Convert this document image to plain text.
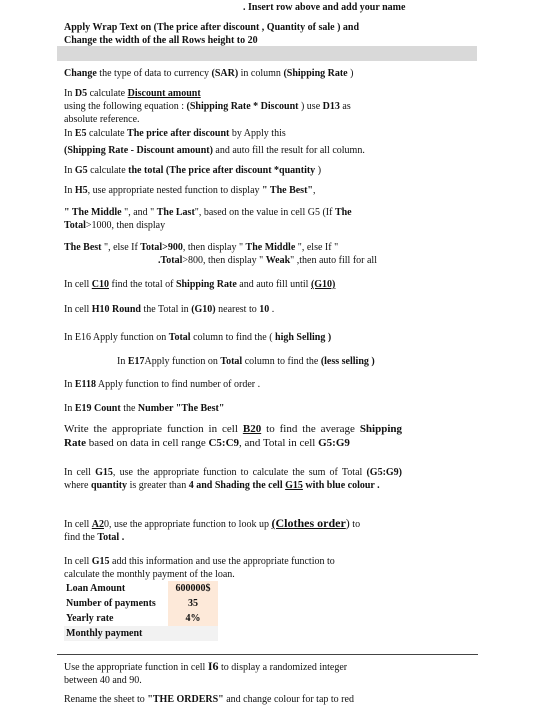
. Insert row above and add your name

Apply Wrap Text on (The price after discount , Quantity of sale ) and
Change the width of the all Rows height to 20

Change the type of data to currency (SAR) in column (Shipping Rate )

In D5 calculate Discount amount
using the following equation : (Shipping Rate * Discount ) use D13 as
absolute reference.

In E5 calculate The price after discount by Apply this

(Shipping Rate - Discount amount) and auto fill the result for all column.

In G5 calculate the total (The price after discount *quantity )

In H5, use appropriate nested function to display " The Best",

" The Middle ", and " The Last", based on the value in cell G5 (If The
Total>1000, then display

The Best ", else If Total>900, then display " The Middle ", else If "

.Total>800, then display " Weak" ,then auto fill for all

In cell C10 find the total of Shipping Rate and auto fill until (G10)

In cell H10 Round the Total in (G10) nearest to 10 .

In E16 Apply function on Total column to find the ( high Selling )

In E17Apply function on Total column to find the (less selling )

In E118 Apply function to find number of order .

In E19 Count the Number "The Best"

Write the appropriate function in cell B20 to find the average Shipping Rate based on data in cell range C5:C9, and Total in cell G5:G9

In cell G15, use the appropriate function to calculate the sum of Total (G5:G9) where quantity is greater than 4 and Shading the cell G15 with blue colour .

In cell A20, use the appropriate function to look up (Clothes order) to
find the Total .

In cell G15 add this information and use the appropriate function to
calculate the monthly payment of the loan.

Loan Amount	600000$
Number of payments	35
Yearly rate	4%
Monthly payment	

Use the appropriate function in cell I6 to display a randomized integer
between 40 and 90.

Rename the sheet to "THE ORDERS" and change colour for tap to red
